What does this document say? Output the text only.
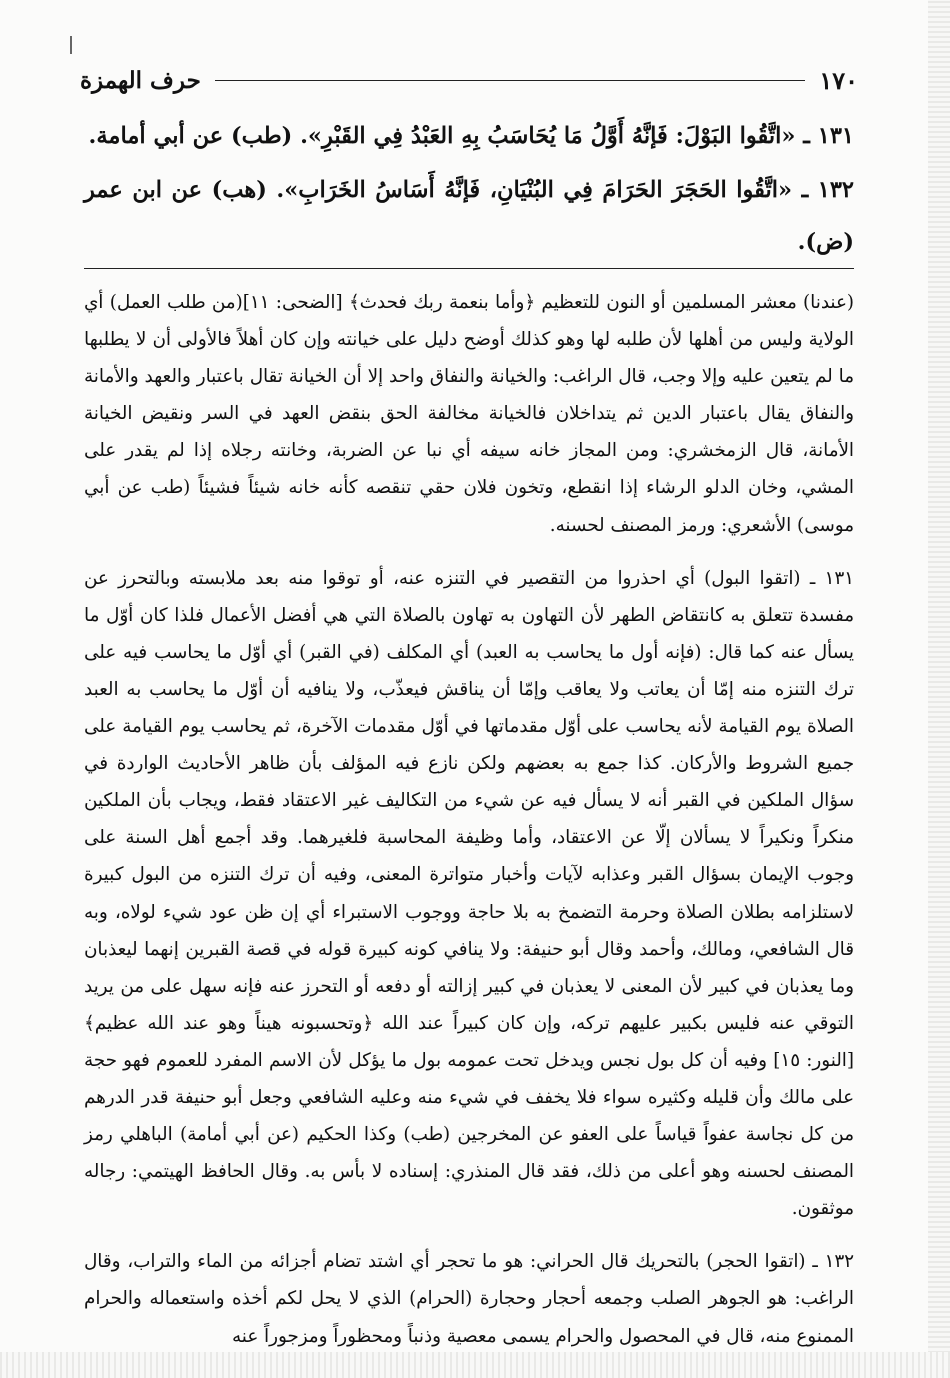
١٧٠
حرف الهمزة
١٣١ ـ «اتَّقُوا البَوْلَ: فَإنَّهُ أَوَّلُ مَا يُحَاسَبُ بِهِ العَبْدُ فِي القَبْرِ». (طب) عن أبي أمامة.
١٣٢ ـ «اتَّقُوا الحَجَرَ الحَرَامَ فِي البُنْيَانِ، فَإنَّهُ أَسَاسُ الخَرَابِ». (هب) عن ابن عمر (ض).

(عندنا) معشر المسلمين أو النون للتعظيم ﴿وأما بنعمة ربك فحدث﴾ [الضحى: ١١](من طلب العمل) أي الولاية وليس من أهلها لأن طلبه لها وهو كذلك أوضح دليل على خيانته وإن كان أهلاً فالأولى أن لا يطلبها ما لم يتعين عليه وإلا وجب، قال الراغب: والخيانة والنفاق واحد إلا أن الخيانة تقال باعتبار والعهد والأمانة والنفاق يقال باعتبار الدين ثم يتداخلان فالخيانة مخالفة الحق بنقض العهد في السر ونقيض الخيانة الأمانة، قال الزمخشري: ومن المجاز خانه سيفه أي نبا عن الضربة، وخانته رجلاه إذا لم يقدر على المشي، وخان الدلو الرشاء إذا انقطع، وتخون فلان حقي تنقصه كأنه خانه شيئاً فشيئاً (طب عن أبي موسى) الأشعري: ورمز المصنف لحسنه.

١٣١ ـ (اتقوا البول) أي احذروا من التقصير في التنزه عنه، أو توقوا منه بعد ملابسته وبالتحرز عن مفسدة تتعلق به كانتقاض الطهر لأن التهاون به تهاون بالصلاة التي هي أفضل الأعمال فلذا كان أوّل ما يسأل عنه كما قال: (فإنه أول ما يحاسب به العبد) أي المكلف (في القبر) أي أوّل ما يحاسب فيه على ترك التنزه منه إمّا أن يعاتب ولا يعاقب وإمّا أن يناقش فيعذّب، ولا ينافيه أن أوّل ما يحاسب به العبد الصلاة يوم القيامة لأنه يحاسب على أوّل مقدماتها في أوّل مقدمات الآخرة، ثم يحاسب يوم القيامة على جميع الشروط والأركان. كذا جمع به بعضهم ولكن نازع فيه المؤلف بأن ظاهر الأحاديث الواردة في سؤال الملكين في القبر أنه لا يسأل فيه عن شيء من التكاليف غير الاعتقاد فقط، ويجاب بأن الملكين منكراً ونكيراً لا يسألان إلّا عن الاعتقاد، وأما وظيفة المحاسبة فلغيرهما. وقد أجمع أهل السنة على وجوب الإيمان بسؤال القبر وعذابه لآيات وأخبار متواترة المعنى، وفيه أن ترك التنزه من البول كبيرة لاستلزامه بطلان الصلاة وحرمة التضمخ به بلا حاجة ووجوب الاستبراء أي إن ظن عود شيء لولاه، وبه قال الشافعي، ومالك، وأحمد وقال أبو حنيفة: ولا ينافي كونه كبيرة قوله في قصة القبرين إنهما ليعذبان وما يعذبان في كبير لأن المعنى لا يعذبان في كبير إزالته أو دفعه أو التحرز عنه فإنه سهل على من يريد التوقي عنه فليس بكبير عليهم تركه، وإن كان كبيراً عند الله ﴿وتحسبونه هيناً وهو عند الله عظيم﴾ [النور: ١٥] وفيه أن كل بول نجس ويدخل تحت عمومه بول ما يؤكل لأن الاسم المفرد للعموم فهو حجة على مالك وأن قليله وكثيره سواء فلا يخفف في شيء منه وعليه الشافعي وجعل أبو حنيفة قدر الدرهم من كل نجاسة عفواً قياساً على العفو عن المخرجين (طب) وكذا الحكيم (عن أبي أمامة) الباهلي رمز المصنف لحسنه وهو أعلى من ذلك، فقد قال المنذري: إسناده لا بأس به. وقال الحافظ الهيتمي: رجاله موثقون.

١٣٢ ـ (اتقوا الحجر) بالتحريك قال الحراني: هو ما تحجر أي اشتد تضام أجزائه من الماء والتراب، وقال الراغب: هو الجوهر الصلب وجمعه أحجار وحجارة (الحرام) الذي لا يحل لكم أخذه واستعماله والحرام الممنوع منه، قال في المحصول والحرام يسمى معصية وذنباً ومحظوراً ومزجوراً عنه
